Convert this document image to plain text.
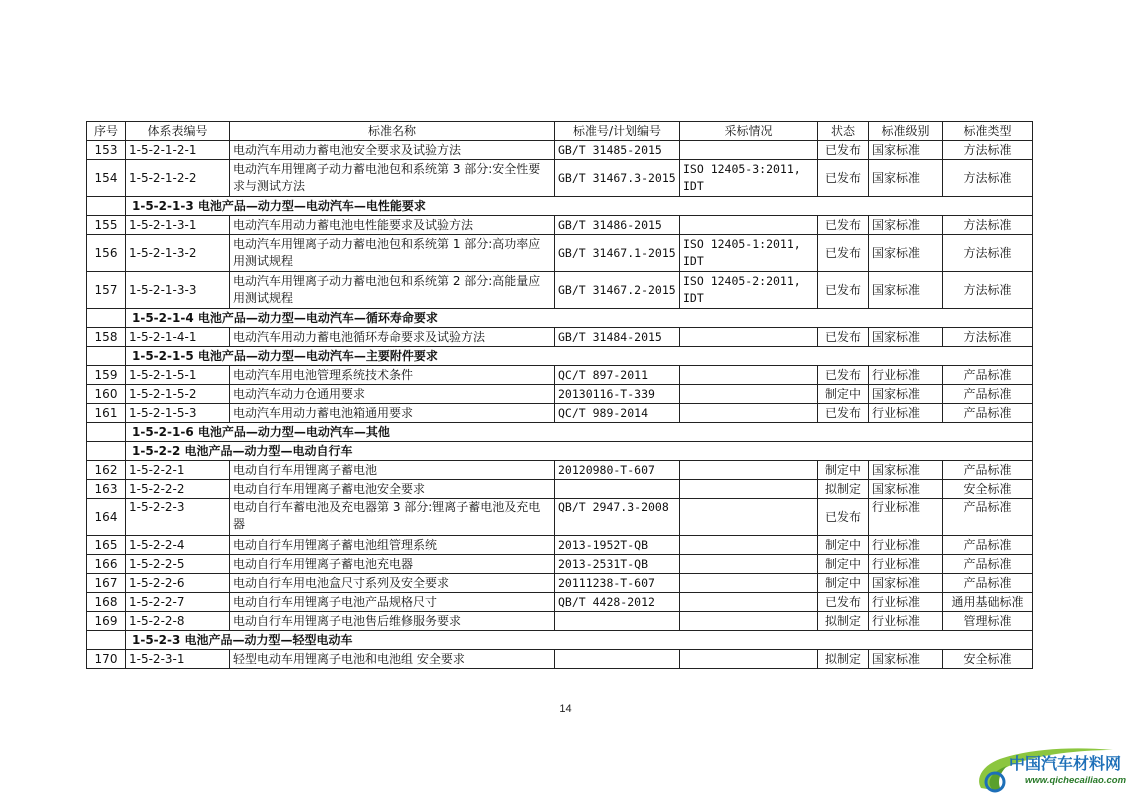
序号	体系表编号	标准名称	标准号/计划编号	采标情况	状态	标准级别	标准类型
153	1-5-2-1-2-1	电动汽车用动力蓄电池安全要求及试验方法	GB/T 31485-2015		已发布	国家标准	方法标准
154	1-5-2-1-2-2	电动汽车用锂离子动力蓄电池包和系统第 3 部分:安全性要求与测试方法	GB/T 31467.3-2015	ISO 12405-3:2011, IDT	已发布	国家标准	方法标准
	1-5-2-1-3 电池产品—动力型—电动汽车—电性能要求						
155	1-5-2-1-3-1	电动汽车用动力蓄电池电性能要求及试验方法	GB/T 31486-2015		已发布	国家标准	方法标准
156	1-5-2-1-3-2	电动汽车用锂离子动力蓄电池包和系统第 1 部分:高功率应用测试规程	GB/T 31467.1-2015	ISO 12405-1:2011, IDT	已发布	国家标准	方法标准
157	1-5-2-1-3-3	电动汽车用锂离子动力蓄电池包和系统第 2 部分:高能量应用测试规程	GB/T 31467.2-2015	ISO 12405-2:2011, IDT	已发布	国家标准	方法标准
	1-5-2-1-4 电池产品—动力型—电动汽车—循环寿命要求						
158	1-5-2-1-4-1	电动汽车用动力蓄电池循环寿命要求及试验方法	GB/T 31484-2015		已发布	国家标准	方法标准
	1-5-2-1-5 电池产品—动力型—电动汽车—主要附件要求						
159	1-5-2-1-5-1	电动汽车用电池管理系统技术条件	QC/T 897-2011		已发布	行业标准	产品标准
160	1-5-2-1-5-2	电动汽车动力仓通用要求	20130116-T-339		制定中	国家标准	产品标准
161	1-5-2-1-5-3	电动汽车用动力蓄电池箱通用要求	QC/T 989-2014		已发布	行业标准	产品标准
	1-5-2-1-6 电池产品—动力型—电动汽车—其他						
	1-5-2-2 电池产品—动力型—电动自行车						
162	1-5-2-2-1	电动自行车用锂离子蓄电池	20120980-T-607		制定中	国家标准	产品标准
163	1-5-2-2-2	电动自行车用锂离子蓄电池安全要求			拟制定	国家标准	安全标准
164	1-5-2-2-3	电动自行车蓄电池及充电器第 3 部分:锂离子蓄电池及充电器	QB/T 2947.3-2008		已发布	行业标准	产品标准
165	1-5-2-2-4	电动自行车用锂离子蓄电池组管理系统	2013-1952T-QB		制定中	行业标准	产品标准
166	1-5-2-2-5	电动自行车用锂离子蓄电池充电器	2013-2531T-QB		制定中	行业标准	产品标准
167	1-5-2-2-6	电动自行车用电池盒尺寸系列及安全要求	20111238-T-607		制定中	国家标准	产品标准
168	1-5-2-2-7	电动自行车用锂离子电池产品规格尺寸	QB/T 4428-2012		已发布	行业标准	通用基础标准
169	1-5-2-2-8	电动自行车用锂离子电池售后维修服务要求			拟制定	行业标准	管理标准
	1-5-2-3 电池产品—动力型—轻型电动车						
170	1-5-2-3-1	轻型电动车用锂离子电池和电池组 安全要求			拟制定	国家标准	安全标准
14
中国汽车材料网
www.qichecailiao.com
